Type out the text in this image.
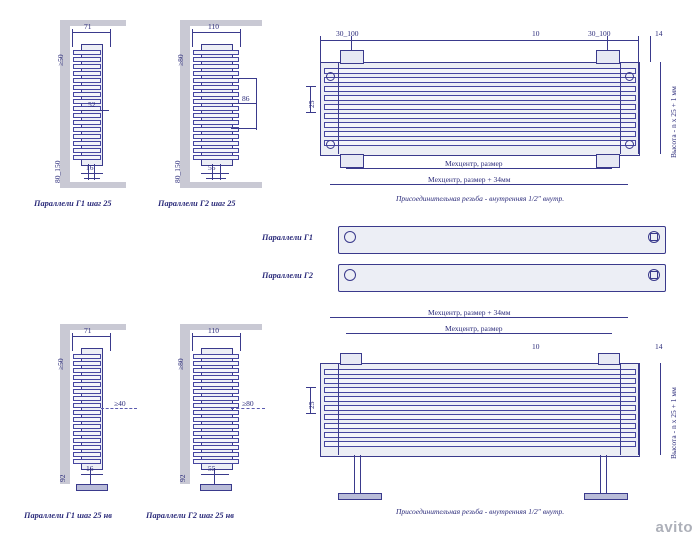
71
52
16
≥50
80_150
Параллели Г1 шаг 25
110
86
55
≥80
80_150
Параллели Г2 шаг 25
30_100	10	30_100	14
25	Высота - n x 25 + 1 мм
Мехцентр, размер
Мехцентр, размер + 34мм
Присоединительная резьба - внутренняя 1/2" внутр.
Параллели Г1
Параллели Г2
71
≥40
16
≥50
92
Параллели Г1 шаг 25 нв
110
≥80
55
≥80
92
Параллели Г2 шаг 25 нв
Мехцентр, размер + 34мм
Мехцентр, размер
10	14
25	Высота - n x 25 + 1 мм
Присоединительная резьба - внутренняя 1/2" внутр.
avito
